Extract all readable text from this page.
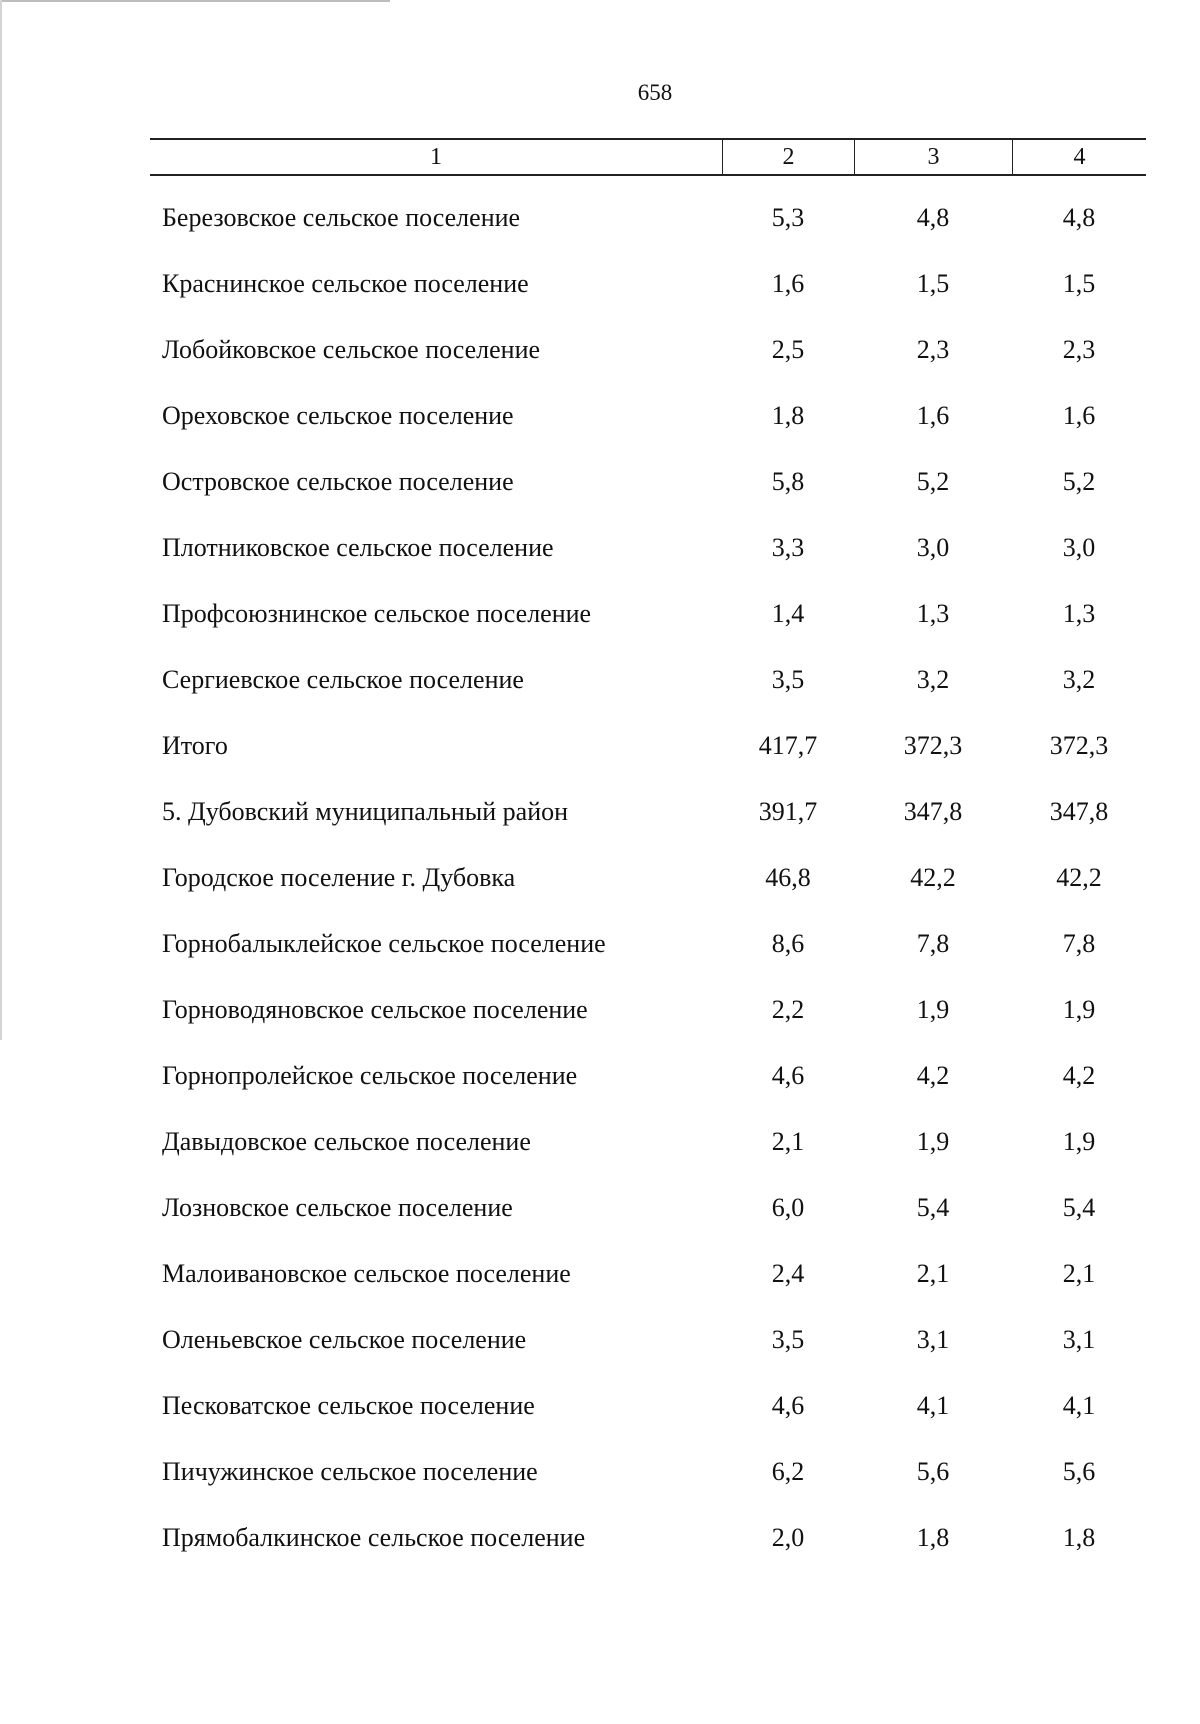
658
1	2	3	4
Березовское сельское поселение	5,3	4,8	4,8
Краснинское сельское поселение	1,6	1,5	1,5
Лобойковское сельское поселение	2,5	2,3	2,3
Ореховское сельское поселение	1,8	1,6	1,6
Островское сельское поселение	5,8	5,2	5,2
Плотниковское сельское поселение	3,3	3,0	3,0
Профсоюзнинское сельское поселение	1,4	1,3	1,3
Сергиевское сельское поселение	3,5	3,2	3,2
Итого	417,7	372,3	372,3
5. Дубовский муниципальный район	391,7	347,8	347,8
Городское поселение г. Дубовка	46,8	42,2	42,2
Горнобалыклейское сельское поселение	8,6	7,8	7,8
Горноводяновское сельское поселение	2,2	1,9	1,9
Горнопролейское сельское поселение	4,6	4,2	4,2
Давыдовское сельское поселение	2,1	1,9	1,9
Лозновское сельское поселение	6,0	5,4	5,4
Малоивановское сельское поселение	2,4	2,1	2,1
Оленьевское сельское поселение	3,5	3,1	3,1
Песковатское сельское поселение	4,6	4,1	4,1
Пичужинское сельское поселение	6,2	5,6	5,6
Прямобалкинское сельское поселение	2,0	1,8	1,8
